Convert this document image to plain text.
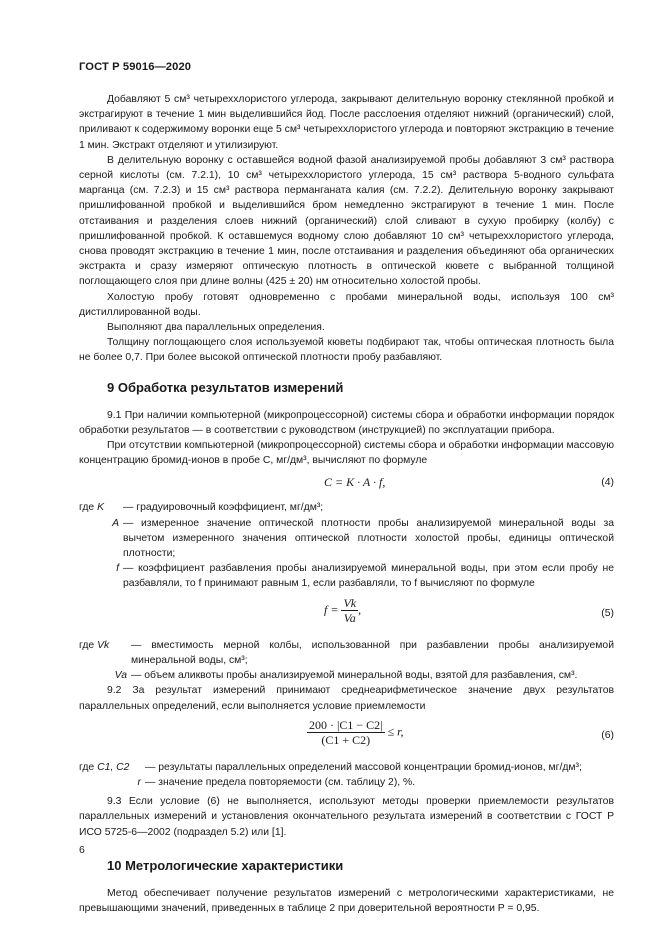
ГОСТ Р 59016—2020

Добавляют 5 см³ четыреххлористого углерода, закрывают делительную воронку стеклянной пробкой и экстрагируют в течение 1 мин выделившийся йод. После расслоения отделяют нижний (органический) слой, приливают к содержимому воронки еще 5 см³ четыреххлористого углерода и повторяют экстракцию в течение 1 мин. Экстракт отделяют и утилизируют.

В делительную воронку с оставшейся водной фазой анализируемой пробы добавляют 3 см³ раствора серной кислоты (см. 7.2.1), 10 см³ четыреххлористого углерода, 15 см³ раствора 5-водного сульфата марганца (см. 7.2.3) и 15 см³ раствора перманганата калия (см. 7.2.2). Делительную воронку закрывают пришлифованной пробкой и выделившийся бром немедленно экстрагируют в течение 1 мин. После отстаивания и разделения слоев нижний (органический) слой сливают в сухую пробирку (колбу) с пришлифованной пробкой. К оставшемуся водному слою добавляют 10 см³ четыреххлористого углерода, снова проводят экстракцию в течение 1 мин, после отстаивания и разделения объединяют оба органических экстракта и сразу измеряют оптическую плотность в оптической кювете с выбранной толщиной поглощающего слоя при длине волны (425 ± 20) нм относительно холостой пробы.

Холостую пробу готовят одновременно с пробами минеральной воды, используя 100 см³ дистиллированной воды.

Выполняют два параллельных определения.

Толщину поглощающего слоя используемой кюветы подбирают так, чтобы оптическая плотность была не более 0,7. При более высокой оптической плотности пробу разбавляют.

9 Обработка результатов измерений

9.1 При наличии компьютерной (микропроцессорной) системы сбора и обработки информации порядок обработки результатов — в соответствии с руководством (инструкцией) по эксплуатации прибора.

При отсутствии компьютерной (микропроцессорной) системы сбора и обработки информации массовую концентрацию бромид-ионов в пробе C, мг/дм³, вычисляют по формуле

C = K · A · f,	(4)
где K	— градуировочный коэффициент, мг/дм³;
A — измеренное значение оптической плотности пробы анализируемой минеральной воды за вычетом измеренного значения оптической плотности холостой пробы, единицы оптической плотности;
f — коэффициент разбавления пробы анализируемой минеральной воды, при этом если пробу не разбавляли, то f принимают равным 1, если разбавляли, то f вычисляют по формуле
$f = \frac{Vk}{Va}$ ,	(5)
где Vk	— вместимость мерной колбы, использованной при разбавлении пробы анализируемой минеральной воды, см³;
Va — объем аликвоты пробы анализируемой минеральной воды, взятой для разбавления, см³.

9.2 За результат измерений принимают среднеарифметическое значение двух результатов параллельных определений, если выполняется условие приемлемости

$\frac{200 \cdot |C1 - C2|}{(C1 + C2)} \le r$,	(6)
где C1, C2	— результаты параллельных определений массовой концентрации бромид-ионов, мг/дм³;
r — значение предела повторяемости (см. таблицу 2), %.

9.3 Если условие (6) не выполняется, используют методы проверки приемлемости результатов параллельных измерений и установления окончательного результата измерений в соответствии с ГОСТ Р ИСО 5725-6—2002 (подраздел 5.2) или [1].

10 Метрологические характеристики

Метод обеспечивает получение результатов измерений с метрологическими характеристиками, не превышающими значений, приведенных в таблице 2 при доверительной вероятности P = 0,95.

6
